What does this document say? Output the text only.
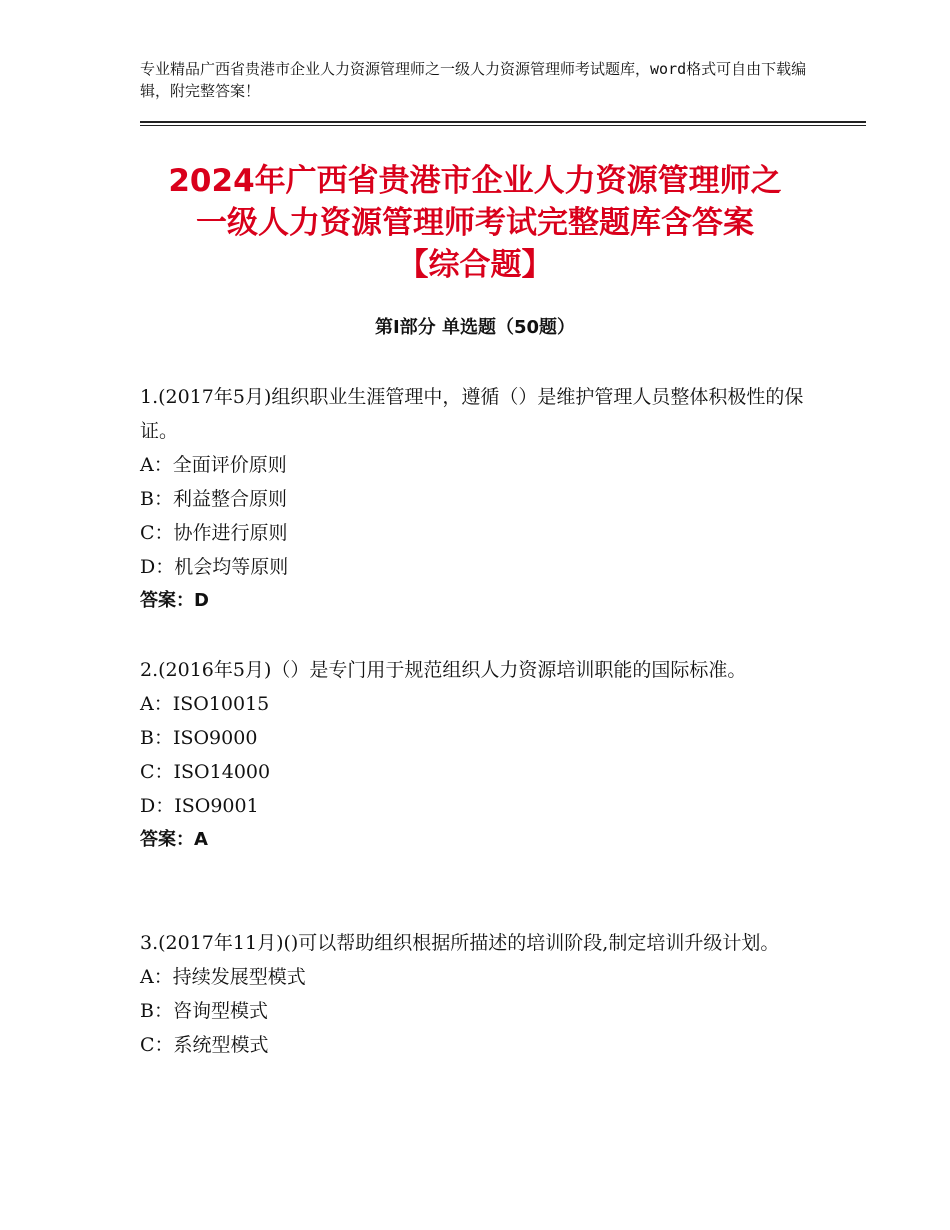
专业精品广西省贵港市企业人力资源管理师之一级人力资源管理师考试题库，word格式可自由下载编辑，附完整答案！
2024年广西省贵港市企业人力资源管理师之
一级人力资源管理师考试完整题库含答案
【综合题】
第Ⅰ部分 单选题（50题）

1.(2017年5月)组织职业生涯管理中，遵循（）是维护管理人员整体积极性的保证。

A：全面评价原则

B：利益整合原则

C：协作进行原则

D：机会均等原则

答案：D

2.(2016年5月)（）是专门用于规范组织人力资源培训职能的国际标准。

A：ISO10015

B：ISO9000

C：ISO14000

D：ISO9001

答案：A

3.(2017年11月)()可以帮助组织根据所描述的培训阶段,制定培训升级计划。

A：持续发展型模式

B：咨询型模式

C：系统型模式
